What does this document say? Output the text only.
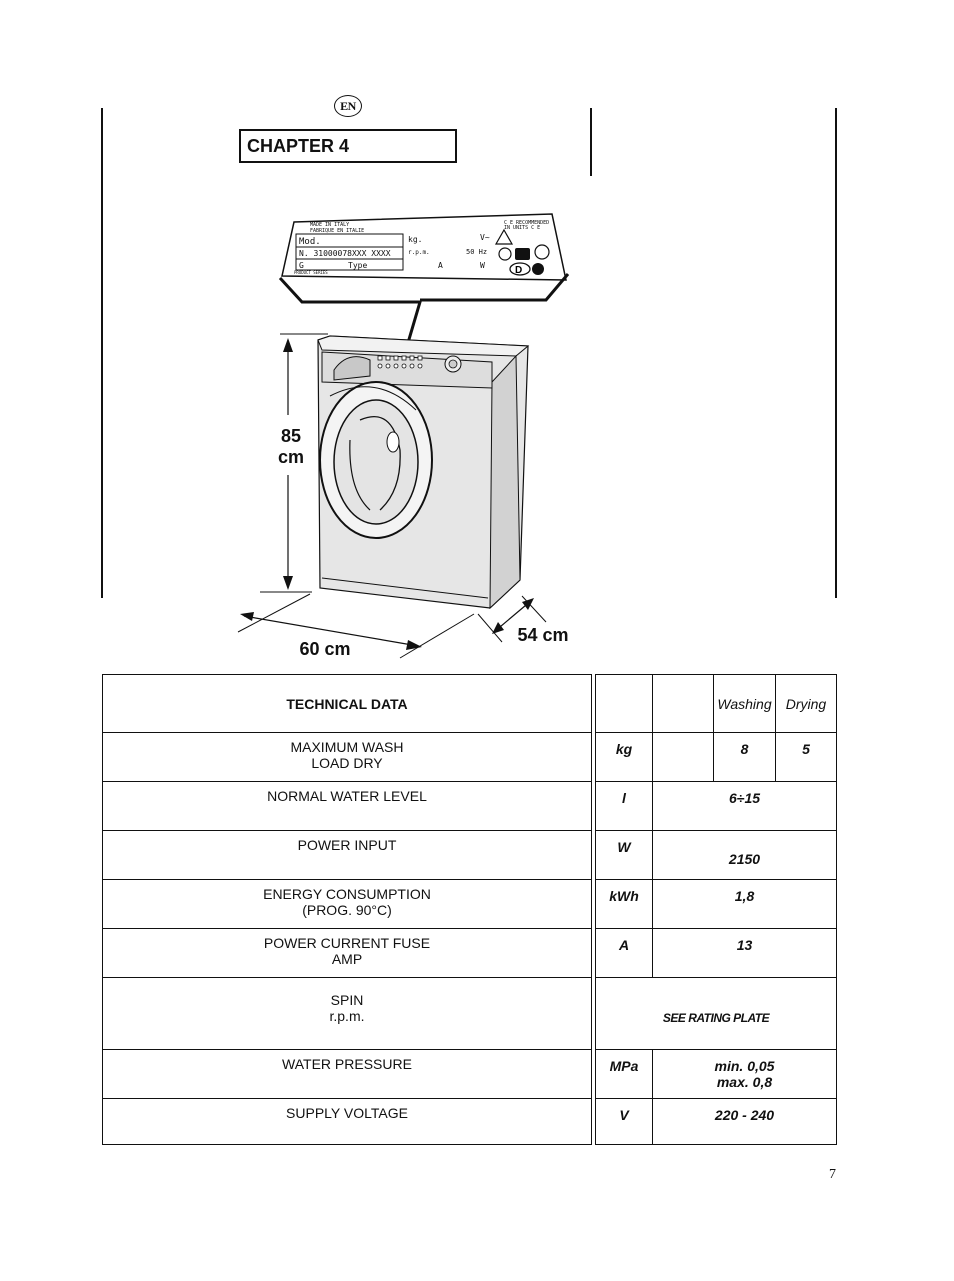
EN
CHAPTER 4
MADE IN ITALY
FABRIQUE EN ITALIE
C E RECOMMENDED
IN UNITS C E
Mod.
N. 31000078XXX XXXX
G	Type
kg.
r.p.m.
A
V~
50 Hz
W	D
PRODUCT SERIES
85
cm
60 cm
54 cm
TECHNICAL DATA				Washing	Drying

MAXIMUM WASH
LOAD DRY		kg		8	5
NORMAL WATER LEVEL		l	6÷15		
POWER INPUT		W	2150		

ENERGY CONSUMPTION
(PROG. 90°C)		kWh	1,8		

POWER CURRENT FUSE
AMP		A	13		

SPIN
r.p.m.		SEE RATING PLATE			
WATER PRESSURE		MPa	min. 0,05
max. 0,8		

SUPPLY VOLTAGE		V	220 - 240		
7
